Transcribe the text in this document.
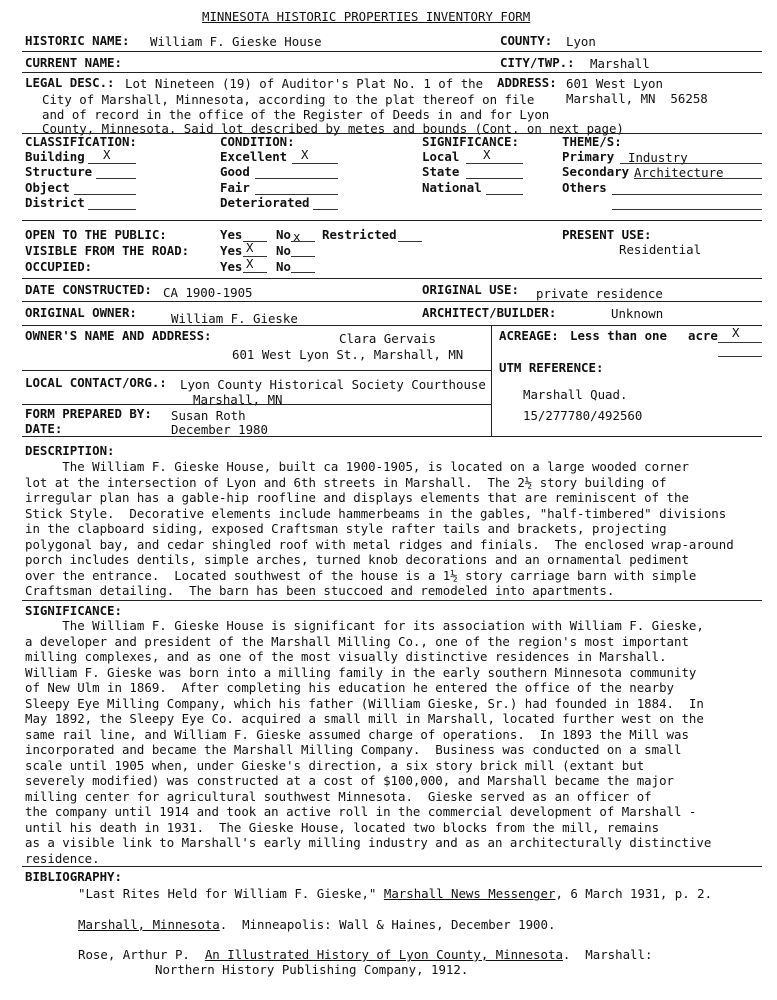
MINNESOTA HISTORIC PROPERTIES INVENTORY FORM
HISTORIC NAME: William F. Gieske House	COUNTY: Lyon
CURRENT NAME:	CITY/TWP.: Marshall
LEGAL DESC.: Lot Nineteen (19) of Auditor's Plat No. 1 of the
City of Marshall, Minnesota, according to the plat thereof on file
and of record in the office of the Register of Deeds in and for Lyon
County, Minnesota. Said lot described by metes and bounds (Cont. on next page)
ADDRESS: 601 West Lyon
Marshall, MN  56258
CLASSIFICATION:
Building X
Structure
Object
District
CONDITION:
Excellent X
Good
Fair
Deteriorated
SIGNIFICANCE:
Local X
State
National
THEME/S:
Primary Industry
Secondary Architecture
Others
OPEN TO THE PUBLIC:	Yes	No x Restricted
VISIBLE FROM THE ROAD: Yes X No
OCCUPIED:	Yes X No
PRESENT USE:
Residential
DATE CONSTRUCTED: CA 1900-1905	ORIGINAL USE: private residence
ORIGINAL OWNER:	William F. Gieske	ARCHITECT/BUILDER:	Unknown
OWNER'S NAME AND ADDRESS:	Clara Gervais
601 West Lyon St., Marshall, MN
ACREAGE: Less than one acre X
UTM REFERENCE:
LOCAL CONTACT/ORG.: Lyon County Historical Society Courthouse
Marshall, MN	Marshall Quad.
15/277780/492560
FORM PREPARED BY: Susan Roth
DATE:	December 1980
DESCRIPTION:
The William F. Gieske House, built ca 1900-1905, is located on a large wooded corner
lot at the intersection of Lyon and 6th streets in Marshall.  The 2½ story building of
irregular plan has a gable-hip roofline and displays elements that are reminiscent of the
Stick Style.  Decorative elements include hammerbeams in the gables, "half-timbered" divisions
in the clapboard siding, exposed Craftsman style rafter tails and brackets, projecting
polygonal bay, and cedar shingled roof with metal ridges and finials.  The enclosed wrap-around
porch includes dentils, simple arches, turned knob decorations and an ornamental pediment
over the entrance.  Located southwest of the house is a 1½ story carriage barn with simple
Craftsman detailing.  The barn has been stuccoed and remodeled into apartments.
SIGNIFICANCE:
The William F. Gieske House is significant for its association with William F. Gieske,
a developer and president of the Marshall Milling Co., one of the region's most important
milling complexes, and as one of the most visually distinctive residences in Marshall.
William F. Gieske was born into a milling family in the early southern Minnesota community
of New Ulm in 1869.  After completing his education he entered the office of the nearby
Sleepy Eye Milling Company, which his father (William Gieske, Sr.) had founded in 1884.  In
May 1892, the Sleepy Eye Co. acquired a small mill in Marshall, located further west on the
same rail line, and William F. Gieske assumed charge of operations.  In 1893 the Mill was
incorporated and became the Marshall Milling Company.  Business was conducted on a small
scale until 1905 when, under Gieske's direction, a six story brick mill (extant but
severely modified) was constructed at a cost of $100,000, and Marshall became the major
milling center for agricultural southwest Minnesota.  Gieske served as an officer of
the company until 1914 and took an active roll in the commercial development of Marshall -
until his death in 1931.  The Gieske House, located two blocks from the mill, remains
as a visible link to Marshall's early milling industry and as an architecturally distinctive
residence.
BIBLIOGRAPHY:
"Last Rites Held for William F. Gieske," Marshall News Messenger, 6 March 1931, p. 2.
Marshall, Minnesota.  Minneapolis: Wall & Haines, December 1900.
Rose, Arthur P.  An Illustrated History of Lyon County, Minnesota.  Marshall:
Northern History Publishing Company, 1912.
